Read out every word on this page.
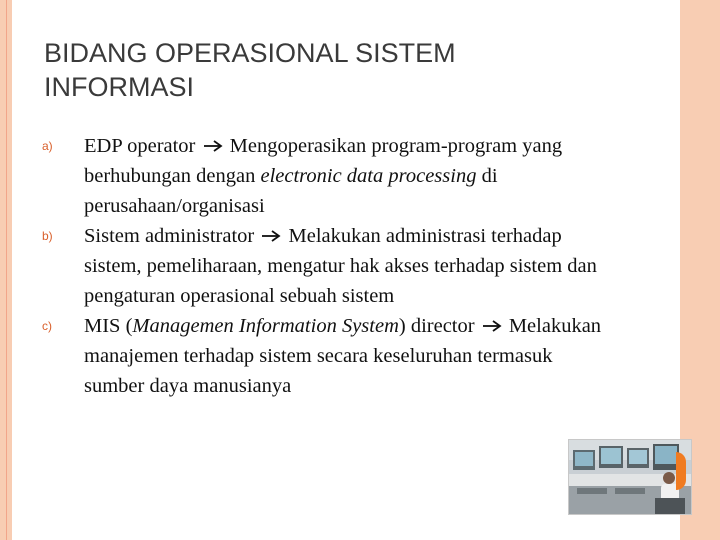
BIDANG OPERASIONAL SISTEM INFORMASI
a) EDP operator  Mengoperasikan program-program yang berhubungan dengan electronic data processing di perusahaan/organisasi
b) Sistem administrator  Melakukan administrasi terhadap sistem, pemeliharaan, mengatur hak akses terhadap sistem dan pengaturan operasional sebuah sistem
c) MIS (Managemen Information System) director  Melakukan manajemen terhadap sistem secara keseluruhan termasuk sumber daya manusianya
